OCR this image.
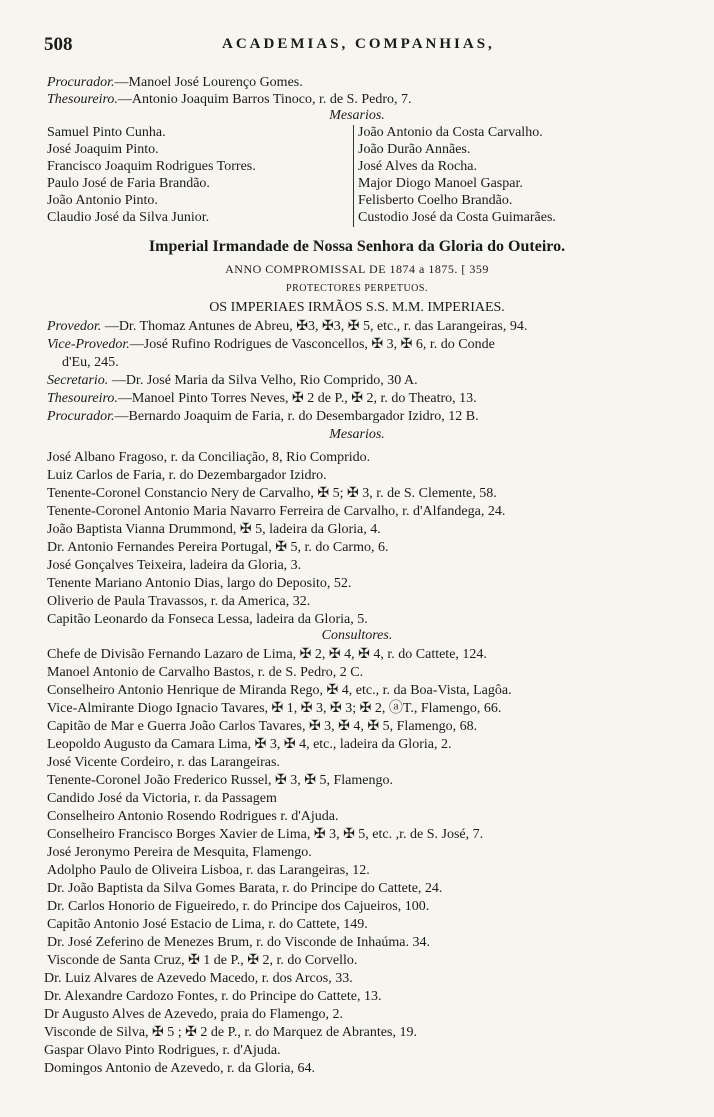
508	ACADEMIAS, COMPANHIAS,
Procurador.—Manoel José Lourenço Gomes.
Thesoureiro.—Antonio Joaquim Barros Tinoco, r. de S. Pedro, 7.
Mesarios.
Samuel Pinto Cunha.
José Joaquim Pinto.
Francisco Joaquim Rodrigues Torres.
Paulo José de Faria Brandão.
João Antonio Pinto.
Claudio José da Silva Junior.
João Antonio da Costa Carvalho.
João Durão Annães.
José Alves da Rocha.
Major Diogo Manoel Gaspar.
Felisberto Coelho Brandão.
Custodio José da Costa Guimarães.
Imperial Irmandade de Nossa Senhora da Gloria do Outeiro.
ANNO COMPROMISSAL DE 1874 a 1875. [ 359
PROTECTORES PERPETUOS.
OS IMPERIAES IRMÃOS S.S. M.M. IMPERIAES.
Provedor. —Dr. Thomaz Antunes de Abreu, ✠3, ✠3, ✠ 5, etc., r. das Larangeiras, 94.
Vice-Provedor.—José Rufino Rodrigues de Vasconcellos, ✠ 3, ✠ 6, r. do Conde
d'Eu, 245.
Secretario. —Dr. José Maria da Silva Velho, Rio Comprido, 30 A.
Thesoureiro.—Manoel Pinto Torres Neves, ✠ 2 de P., ✠ 2, r. do Theatro, 13.
Procurador.—Bernardo Joaquim de Faria, r. do Desembargador Izidro, 12 B.
Mesarios.
José Albano Fragoso, r. da Conciliação, 8, Rio Comprido.
Luiz Carlos de Faria, r. do Dezembargador Izidro.
Tenente-Coronel Constancio Nery de Carvalho, ✠ 5; ✠ 3, r. de S. Clemente, 58.
Tenente-Coronel Antonio Maria Navarro Ferreira de Carvalho, r. d'Alfandega, 24.
João Baptista Vianna Drummond, ✠ 5, ladeira da Gloria, 4.
Dr. Antonio Fernandes Pereira Portugal, ✠ 5, r. do Carmo, 6.
José Gonçalves Teixeira, ladeira da Gloria, 3.
Tenente Mariano Antonio Dias, largo do Deposito, 52.
Oliverio de Paula Travassos, r. da America, 32.
Capitão Leonardo da Fonseca Lessa, ladeira da Gloria, 5.
Consultores.
Chefe de Divisão Fernando Lazaro de Lima, ✠ 2, ✠ 4, ✠ 4, r. do Cattete, 124.
Manoel Antonio de Carvalho Bastos, r. de S. Pedro, 2 C.
Conselheiro Antonio Henrique de Miranda Rego, ✠ 4, etc., r. da Boa-Vista, Lagôa.
Vice-Almirante Diogo Ignacio Tavares, ✠ 1, ✠ 3, ✠ 3; ✠ 2, ⓐT., Flamengo, 66.
Capitão de Mar e Guerra João Carlos Tavares, ✠ 3, ✠ 4, ✠ 5, Flamengo, 68.
Leopoldo Augusto da Camara Lima, ✠ 3, ✠ 4, etc., ladeira da Gloria, 2.
José Vicente Cordeiro, r. das Larangeiras.
Tenente-Coronel João Frederico Russel, ✠ 3, ✠ 5, Flamengo.
Candido José da Victoria, r. da Passagem
Conselheiro Antonio Rosendo Rodrigues r. d'Ajuda.
Conselheiro Francisco Borges Xavier de Lima, ✠ 3, ✠ 5, etc. ,r. de S. José, 7.
José Jeronymo Pereira de Mesquita, Flamengo.
Adolpho Paulo de Oliveira Lisboa, r. das Larangeiras, 12.
Dr. João Baptista da Silva Gomes Barata, r. do Principe do Cattete, 24.
Dr. Carlos Honorio de Figueiredo, r. do Principe dos Cajueiros, 100.
Capitão Antonio José Estacio de Lima, r. do Cattete, 149.
Dr. José Zeferino de Menezes Brum, r. do Visconde de Inhaúma. 34.
Visconde de Santa Cruz, ✠ 1 de P., ✠ 2, r. do Corvello.
Dr. Luiz Alvares de Azevedo Macedo, r. dos Arcos, 33.
Dr. Alexandre Cardozo Fontes, r. do Principe do Cattete, 13.
Dr Augusto Alves de Azevedo, praia do Flamengo, 2.
Visconde de Silva, ✠ 5 ; ✠ 2 de P., r. do Marquez de Abrantes, 19.
Gaspar Olavo Pinto Rodrigues, r. d'Ajuda.
Domingos Antonio de Azevedo, r. da Gloria, 64.
